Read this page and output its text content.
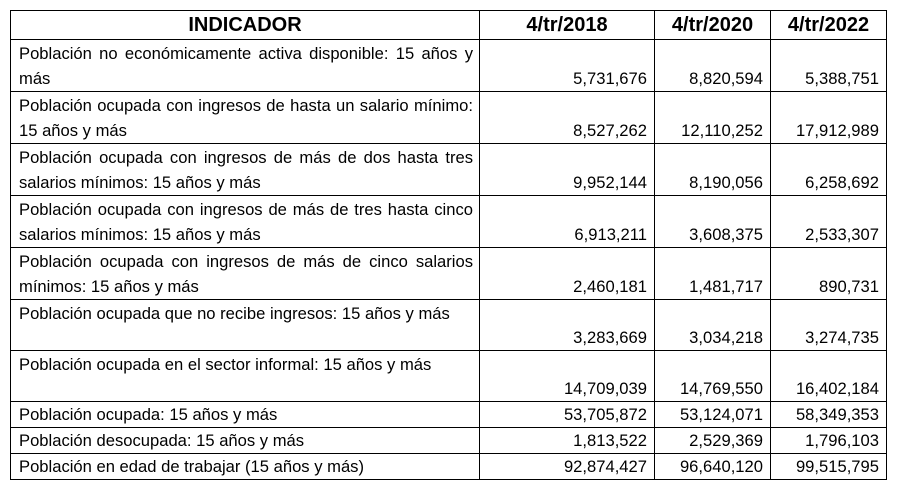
INDICADOR	4/tr/2018	4/tr/2020	4/tr/2022
Población no económicamente activa disponible: 15 años y más	5,731,676	8,820,594	5,388,751
Población ocupada con ingresos de hasta un salario mínimo: 15 años y más	8,527,262	12,110,252	17,912,989
Población ocupada con ingresos de más de dos hasta tres salarios mínimos: 15 años y más	9,952,144	8,190,056	6,258,692
Población ocupada con ingresos de más de tres hasta cinco salarios mínimos: 15 años y más	6,913,211	3,608,375	2,533,307
Población ocupada con ingresos de más de cinco salarios mínimos: 15 años y más	2,460,181	1,481,717	890,731
Población ocupada que no recibe ingresos: 15 años y más	3,283,669	3,034,218	3,274,735
Población ocupada en el sector informal: 15 años y más	14,709,039	14,769,550	16,402,184
Población ocupada: 15 años y más	53,705,872	53,124,071	58,349,353
Población desocupada: 15 años y más	1,813,522	2,529,369	1,796,103
Población en edad de trabajar (15 años y más)	92,874,427	96,640,120	99,515,795
